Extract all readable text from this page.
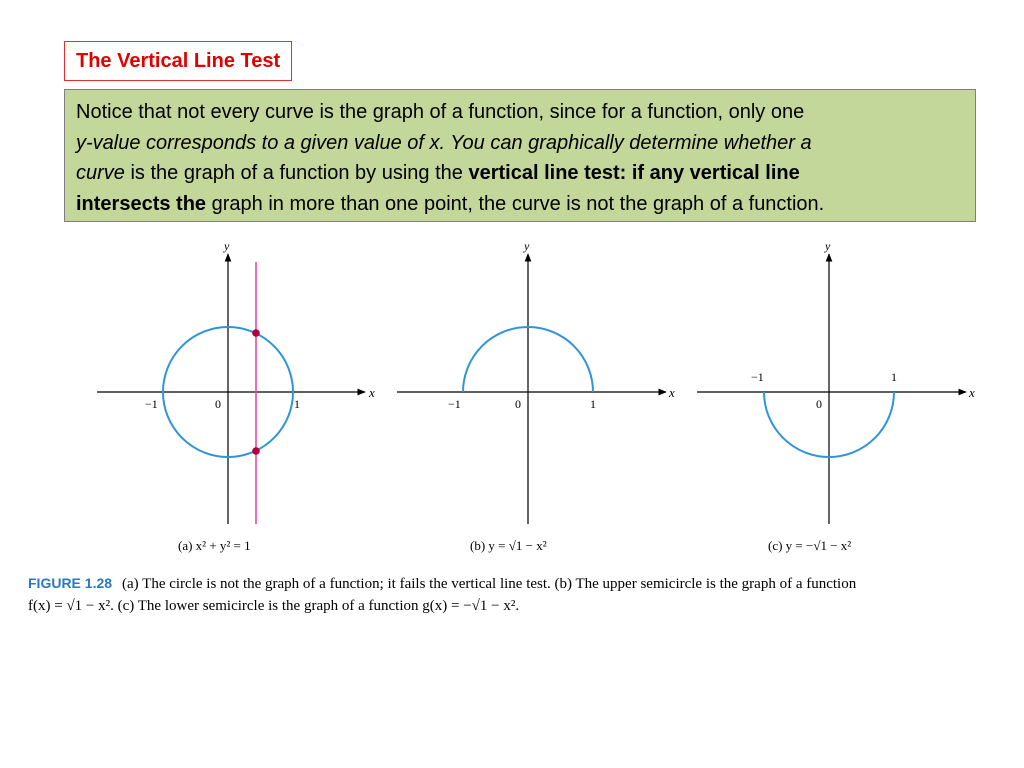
The Vertical Line Test
Notice that not every curve is the graph of a function, since for a function, only one
y-value corresponds to a given value of x. You can graphically determine whether a
curve is the graph of a function by using the vertical line test: if any vertical line
intersects the graph in more than one point, the curve is not the graph of a function.
y
x
−1	0	1
(a) x² + y² = 1
y
x
−1	0	1
(b) y = √1 − x²
y
x
−1
0
1
(c) y = −√1 − x²
FIGURE 1.28 (a) The circle is not the graph of a function; it fails the vertical line test. (b) The upper semicircle is the graph of a function
f(x) = √1 − x². (c) The lower semicircle is the graph of a function g(x) = −√1 − x².
